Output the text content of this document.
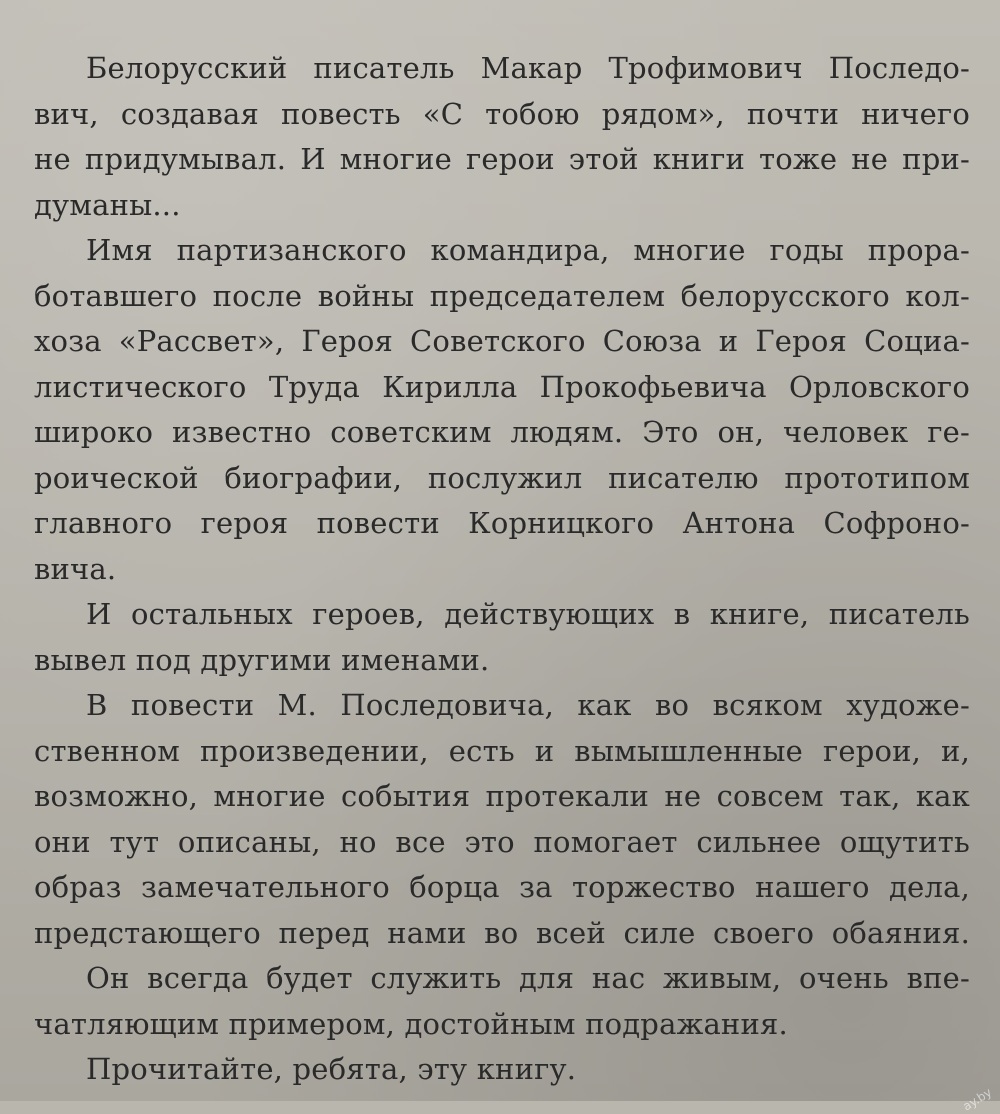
Белорусский писатель Макар Трофимович Последо-
вич, создавая повесть «С тобою рядом», почти ничего
не придумывал. И многие герои этой книги тоже не при-
думаны...
Имя партизанского командира, многие годы прора-
ботавшего после войны председателем белорусского кол-
хоза «Рассвет», Героя Советского Союза и Героя Социа-
листического Труда Кирилла Прокофьевича Орловского
широко известно советским людям. Это он, человек ге-
роической биографии, послужил писателю прототипом
главного героя повести Корницкого Антона Софроно-
вича.
И остальных героев, действующих в книге, писатель
вывел под другими именами.
В повести М. Последовича, как во всяком художе-
ственном произведении, есть и вымышленные герои, и,
возможно, многие события протекали не совсем так, как
они тут описаны, но все это помогает сильнее ощутить
образ замечательного борца за торжество нашего дела,
предстающего перед нами во всей силе своего обаяния.
Он всегда будет служить для нас живым, очень впе-
чатляющим примером, достойным подражания.
Прочитайте, ребята, эту книгу.
ay.by
